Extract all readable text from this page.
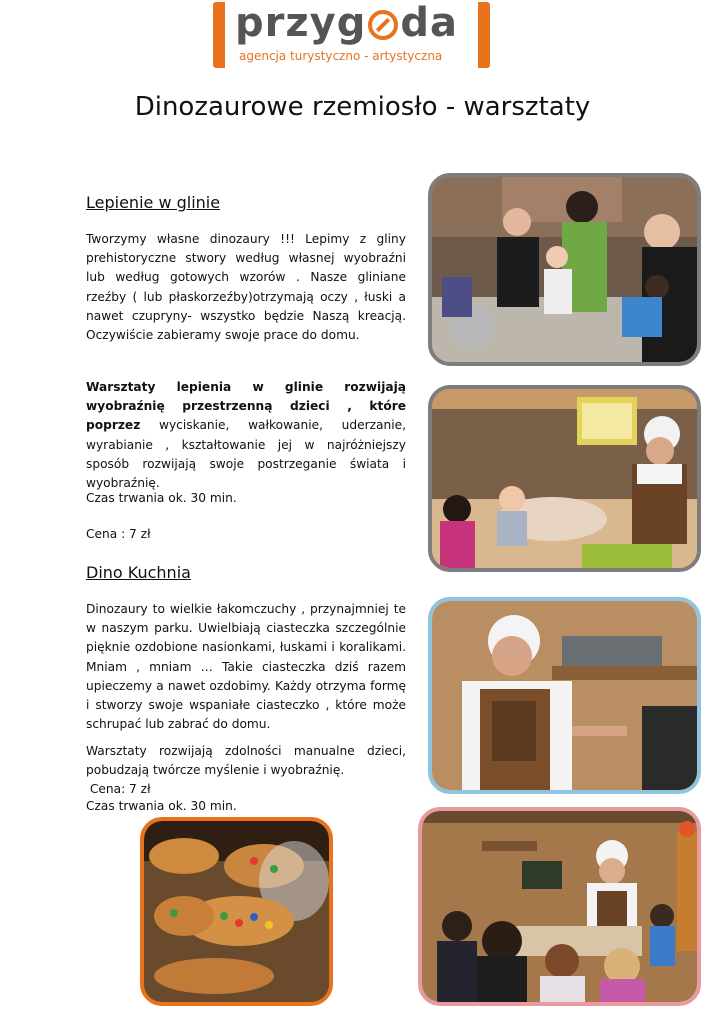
przyg da
agencja turystyczno - artystyczna
Dinozaurowe rzemiosło - warsztaty
Lepienie w glinie

Tworzymy własne dinozaury !!! Lepimy z gliny prehistoryczne stwory według własnej wyobraźni lub według gotowych wzorów . Nasze gliniane rzeźby ( lub płaskorzeźby)otrzymają oczy , łuski a nawet czupryny- wszystko będzie Naszą kreacją. Oczywiście zabieramy swoje prace do domu.

Warsztaty lepienia w glinie rozwijają wyobraźnię przestrzenną dzieci , które poprzez wyciskanie, wałkowanie, uderzanie, wyrabianie , kształtowanie jej w najróżniejszy sposób rozwijają swoje postrzeganie świata i wyobraźnię.

Czas trwania ok. 30 min.
Cena : 7 zł
Dino Kuchnia

Dinozaury to wielkie łakomczuchy , przynajmniej te w naszym parku. Uwielbiają ciasteczka szczególnie pięknie ozdobione nasionkami, łuskami i koralikami. Mniam , mniam … Takie ciasteczka dziś razem upieczemy a nawet ozdobimy. Każdy otrzyma formę i stworzy swoje wspaniałe ciasteczko , które może schrupać lub zabrać do domu.

Warsztaty rozwijają zdolności manualne dzieci, pobudzają twórcze myślenie i wyobraźnię.

Cena: 7 zł
Czas trwania ok. 30 min.
